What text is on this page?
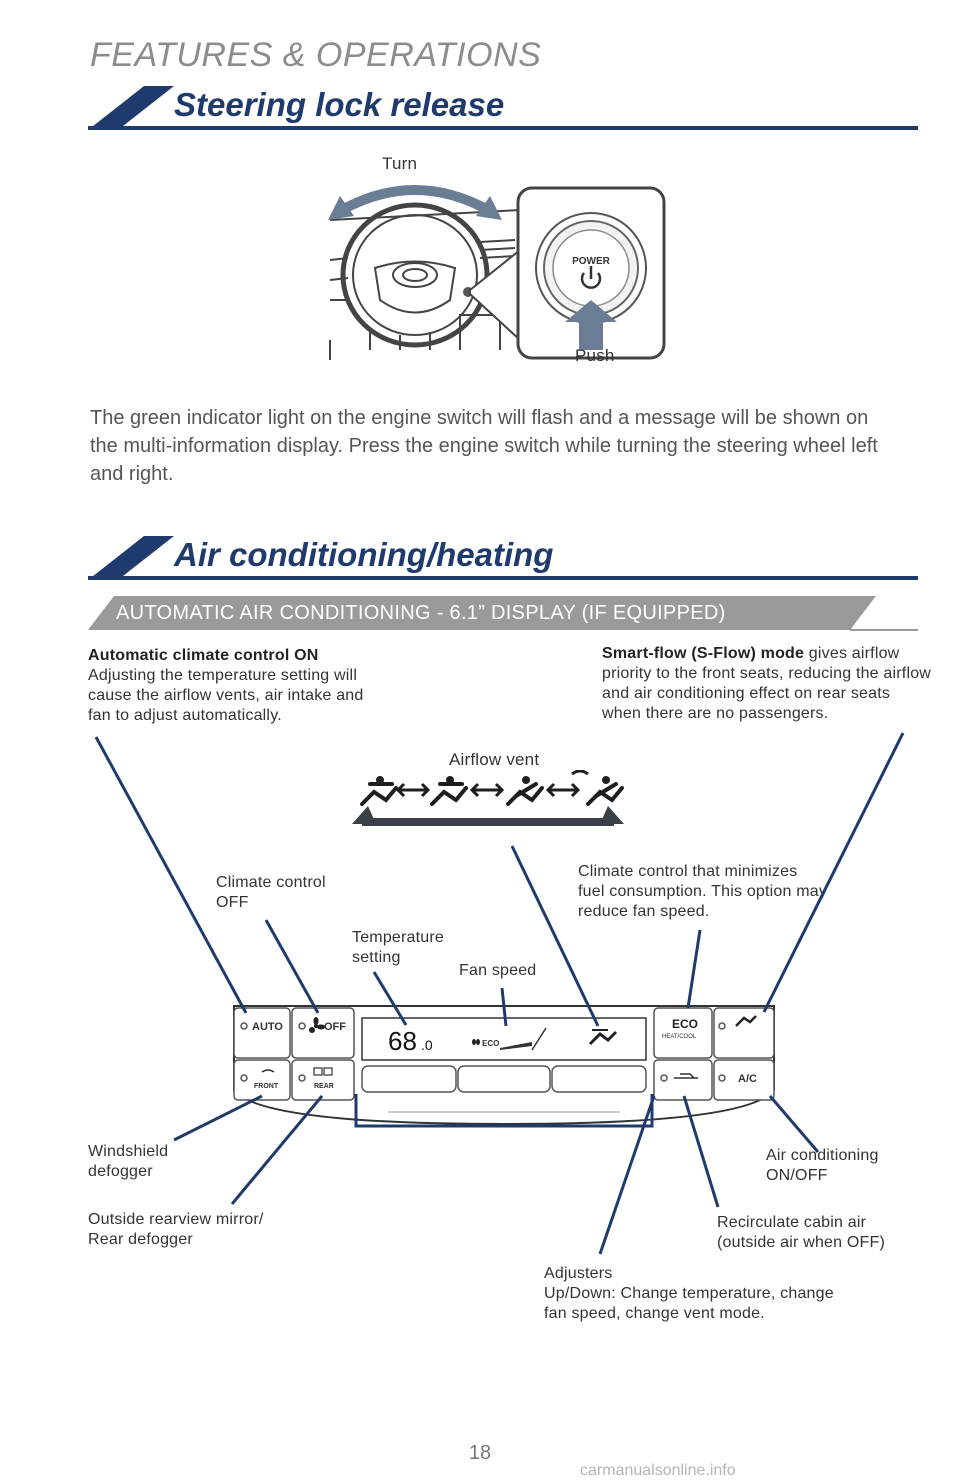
FEATURES & OPERATIONS
Steering lock release
POWER
Turn
Push
The green indicator light on the engine switch will flash and a message will be shown on the multi-information display. Press the engine switch while turning the steering wheel left and right.
Air conditioning/heating
AUTOMATIC AIR CONDITIONING - 6.1” DISPLAY (IF EQUIPPED)
Automatic climate control ON
Adjusting the temperature setting will cause the airflow vents, air intake and fan to adjust automatically.
Smart-flow (S-Flow) mode gives airflow priority to the front seats, reducing the airflow and air conditioning effect on rear seats when there are no passengers.
Airflow vent
Climate control OFF
Climate control that minimizes fuel consumption. This option may reduce fan speed.
Temperature setting
Fan speed
AUTO	OFF
FRONT	REAR
68 .0	ECO
ECO
HEAT/COOL
A/C
Windshield defogger
Outside rearview mirror/ Rear defogger
Air conditioning ON/OFF
Recirculate cabin air (outside air when OFF)
Adjusters
Up/Down: Change temperature, change fan speed, change vent mode.
18
carmanualsonline.info
